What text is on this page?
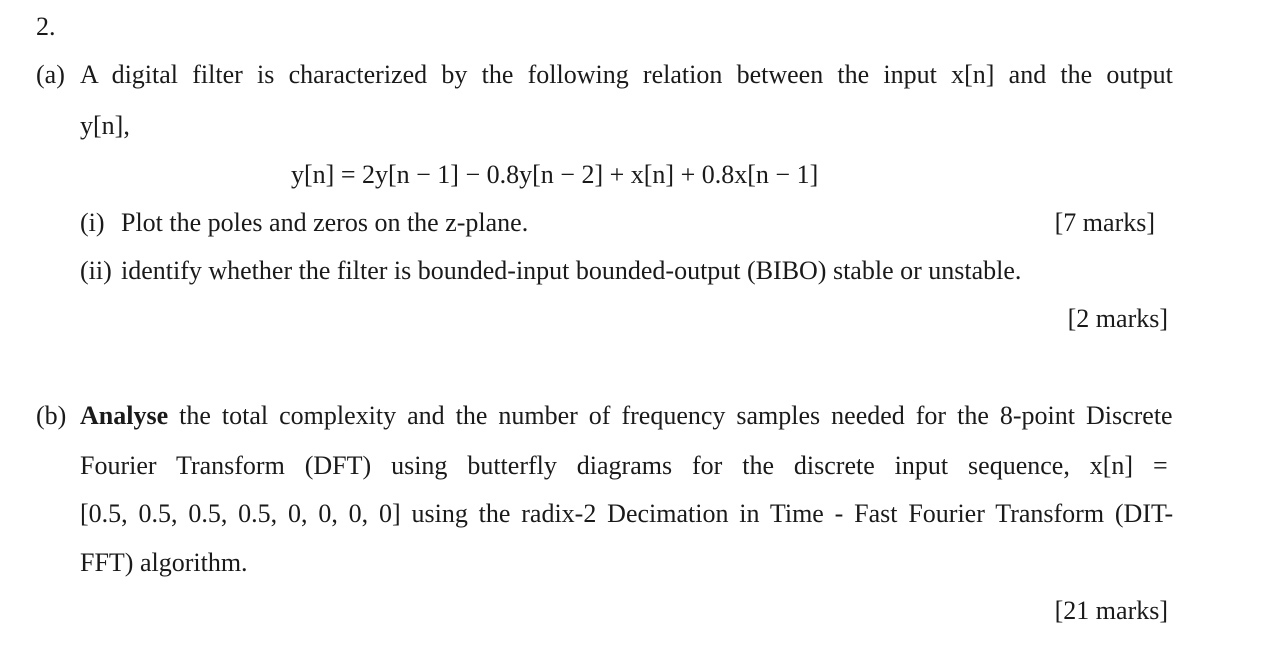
2.
(a) A digital filter is characterized by the following relation between the input x[n] and the output
y[n],
y[n] = 2y[n − 1] − 0.8y[n − 2] + x[n] + 0.8x[n − 1]
(i) Plot the poles and zeros on the z-plane.	[7 marks]
(ii) identify whether the filter is bounded-input bounded-output (BIBO) stable or unstable.
[2 marks]
(b) Analyse the total complexity and the number of frequency samples needed for the 8-point Discrete
Fourier Transform (DFT) using butterfly diagrams for the discrete input sequence, x[n] =
[0.5, 0.5, 0.5, 0.5, 0, 0, 0, 0] using the radix-2 Decimation in Time - Fast Fourier Transform (DIT-
FFT) algorithm.
[21 marks]
